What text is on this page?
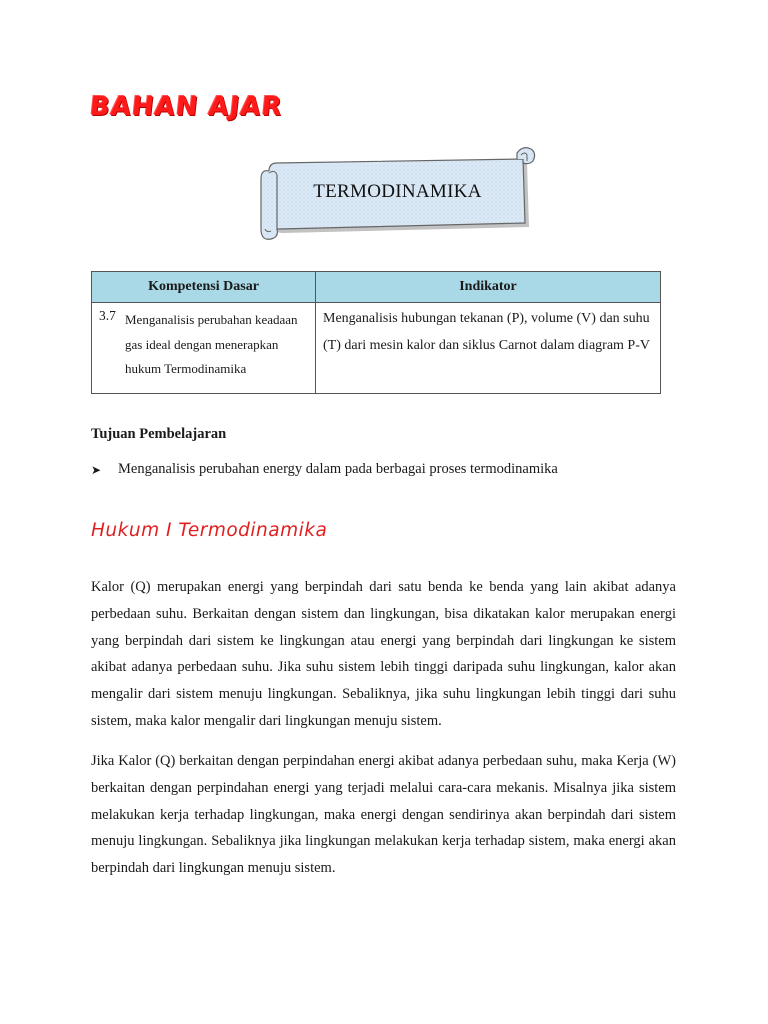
BAHAN AJAR
TERMODINAMIKA
Kompetensi Dasar	Indikator

3.7 Menganalisis perubahan keadaan gas ideal dengan menerapkan hukum Termodinamika	Menganalisis hubungan tekanan (P), volume (V) dan suhu (T) dari mesin kalor dan siklus Carnot dalam diagram P-V
Tujuan Pembelajaran
➤	Menganalisis perubahan energy dalam pada berbagai proses termodinamika
Hukum I Termodinamika

Kalor (Q) merupakan energi yang berpindah dari satu benda ke benda yang lain akibat adanya perbedaan suhu. Berkaitan dengan sistem dan lingkungan, bisa dikatakan kalor merupakan energi yang berpindah dari sistem ke lingkungan atau energi yang berpindah dari lingkungan ke sistem akibat adanya perbedaan suhu. Jika suhu sistem lebih tinggi daripada suhu lingkungan, kalor akan mengalir dari sistem menuju lingkungan. Sebaliknya, jika suhu lingkungan lebih tinggi dari suhu sistem, maka kalor mengalir dari lingkungan menuju sistem.

Jika Kalor (Q) berkaitan dengan perpindahan energi akibat adanya perbedaan suhu, maka Kerja (W) berkaitan dengan perpindahan energi yang terjadi melalui cara-cara mekanis. Misalnya jika sistem melakukan kerja terhadap lingkungan, maka energi dengan sendirinya akan berpindah dari sistem menuju lingkungan. Sebaliknya jika lingkungan melakukan kerja terhadap sistem, maka energi akan berpindah dari lingkungan menuju sistem.
